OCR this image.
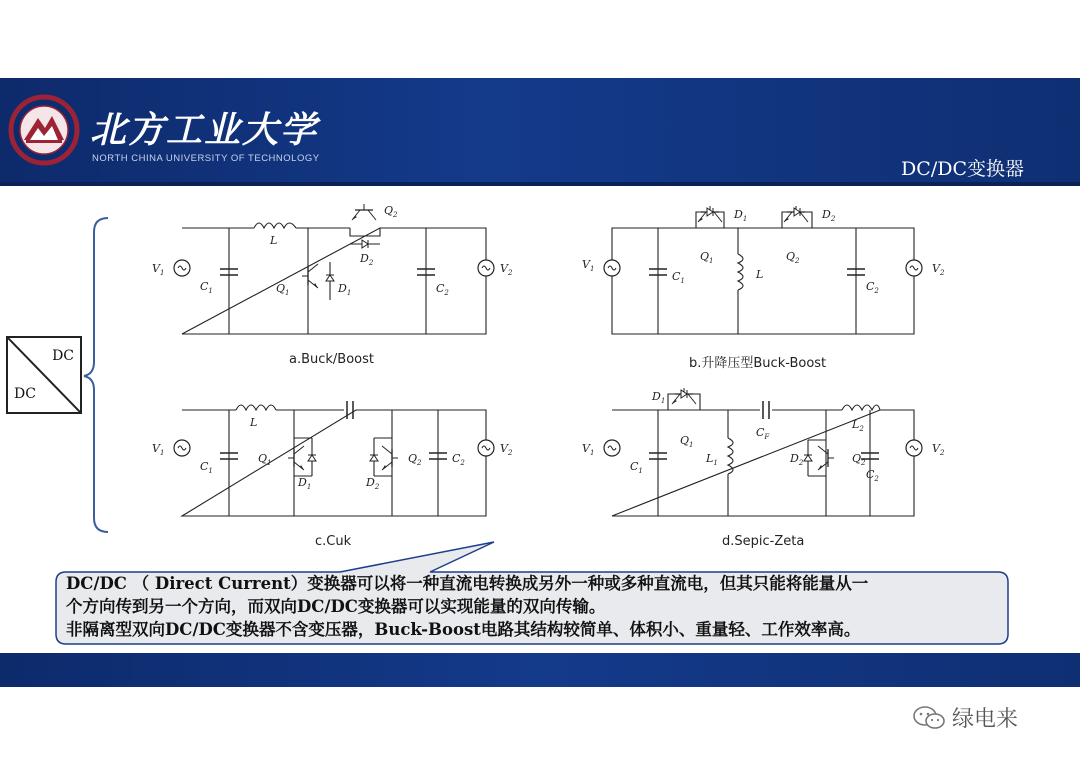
北方工业大学
NORTH CHINA UNIVERSITY OF TECHNOLOGY	DC/DC变换器
DC
DC
$V_1$
$C_1$
L
$Q_1$	$D_1$
$Q_2$
$D_2$
$C_2$
$V_2$
$V_1$
$C_1$
$D_1$
$Q_1$
L
$D_2$
$Q_2$
$C_2$
$V_2$
$V_1$
$C_1$
L
$Q_1$
$D_1$	$D_2$
$Q_2$	$C_2$
$V_2$	$V_1$
$C_1$
$D_1$
$Q_1$
$L_1$
$C_F$
$L_2$
$D_2$	$Q_2$
$C_2$
$V_2$
a.Buck/Boost	b.升降压型Buck-Boost
c.Cuk	d.Sepic-Zeta
DC/DC （ Direct Current）变换器可以将一种直流电转换成另外一种或多种直流电，但其只能将能量从一
个方向传到另一个方向，而双向DC/DC变换器可以实现能量的双向传输。
非隔离型双向DC/DC变换器不含变压器，Buck-Boost电路其结构较简单、体积小、重量轻、工作效率高。
绿电来
